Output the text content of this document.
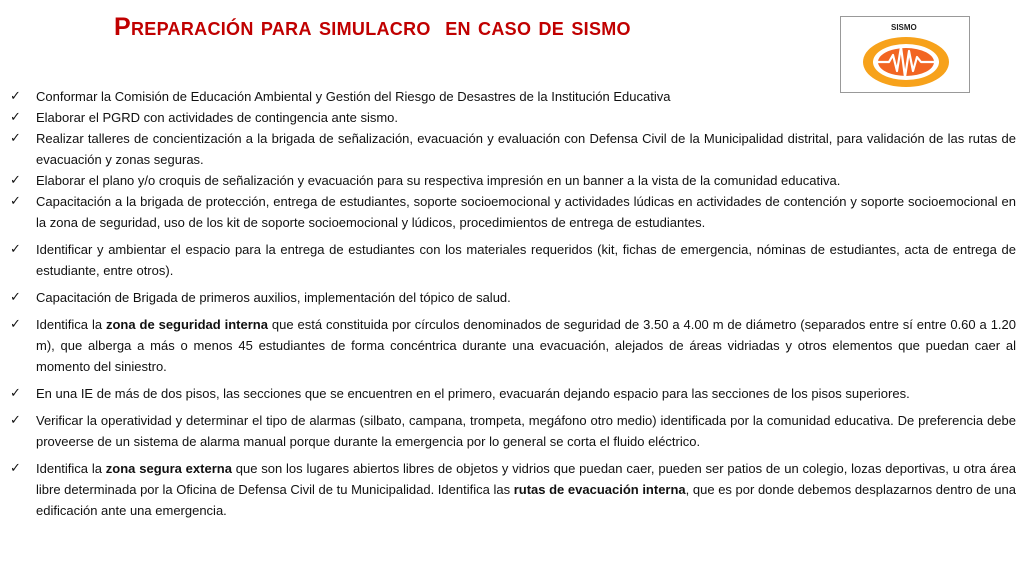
Preparación para simulacro  en caso de sismo	SISMO
✓ Conformar la Comisión de Educación Ambiental y Gestión del Riesgo de Desastres de la Institución Educativa
✓ Elaborar el PGRD con actividades de contingencia ante sismo.
✓ Realizar talleres de concientización a la brigada de señalización, evacuación y evaluación con Defensa Civil de la Municipalidad distrital, para validación de las rutas de evacuación y zonas seguras.
✓ Elaborar el plano y/o croquis de señalización y evacuación para su respectiva impresión en un banner a la vista de la comunidad educativa.
✓ Capacitación a la brigada de protección, entrega de estudiantes, soporte socioemocional y actividades lúdicas en actividades de contención y soporte socioemocional en la zona de seguridad, uso de los kit de soporte socioemocional y lúdicos, procedimientos de entrega de estudiantes.
✓ Identificar y ambientar el espacio para la entrega de estudiantes con los materiales requeridos (kit, fichas de emergencia, nóminas de estudiantes, acta de entrega de estudiante, entre otros).
✓ Capacitación de Brigada de primeros auxilios, implementación del tópico de salud.
✓ Identifica la zona de seguridad interna que está constituida por círculos denominados de seguridad de 3.50 a 4.00 m de diámetro (separados entre sí entre 0.60 a 1.20 m), que alberga a más o menos 45 estudiantes de forma concéntrica durante una evacuación, alejados de áreas vidriadas y otros elementos que puedan caer al momento del siniestro.
✓ En una IE de más de dos pisos, las secciones que se encuentren en el primero, evacuarán dejando espacio para las secciones de los pisos superiores.
✓ Verificar la operatividad y determinar el tipo de alarmas (silbato, campana, trompeta, megáfono otro medio) identificada por la comunidad educativa. De preferencia debe proveerse de un sistema de alarma manual porque durante la emergencia por lo general se corta el fluido eléctrico.
✓ Identifica la zona segura externa que son los lugares abiertos libres de objetos y vidrios que puedan caer, pueden ser patios de un colegio, lozas deportivas, u otra área libre determinada por la Oficina de Defensa Civil de tu Municipalidad. Identifica las rutas de evacuación interna, que es por donde debemos desplazarnos dentro de una edificación ante una emergencia.
